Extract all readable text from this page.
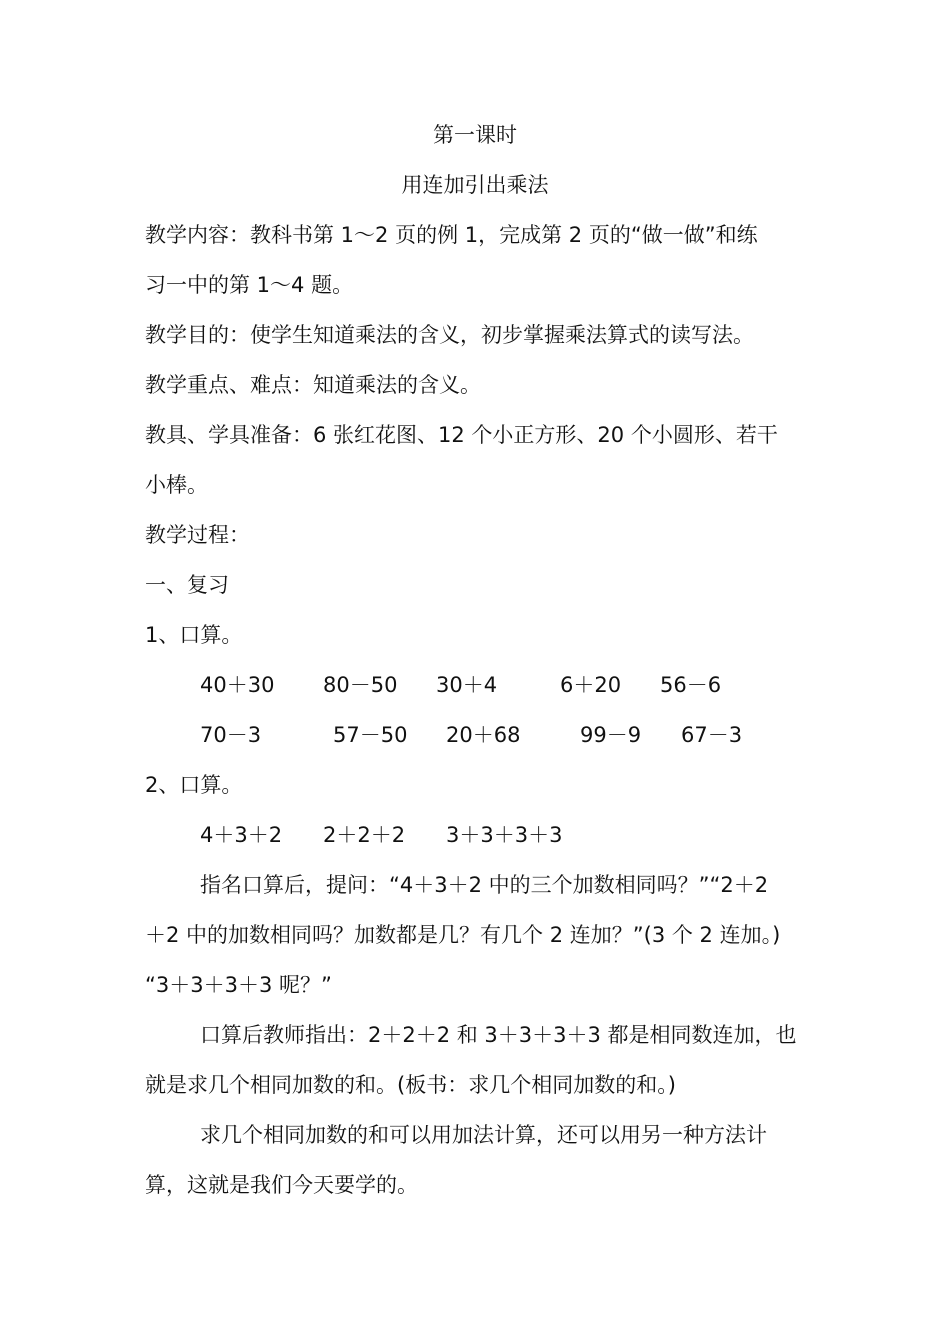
第一课时
用连加引出乘法
教学内容：教科书第 1～2 页的例 1，完成第 2 页的“做一做”和练
习一中的第 1～4 题。
教学目的：使学生知道乘法的含义，初步掌握乘法算式的读写法。
教学重点、难点：知道乘法的含义。
教具、学具准备：6 张红花图、12 个小正方形、20 个小圆形、若干
小棒。
教学过程：
一、复习
1、口算。
40＋30 80－50 30＋4	6＋20 56－6
70－3	57－50 20＋68	99－9 67－3
2、口算。
4＋3＋2 2＋2＋2 3＋3＋3＋3
指名口算后，提问：“4＋3＋2 中的三个加数相同吗？”“2＋2
＋2 中的加数相同吗？加数都是几？有几个 2 连加？”(3 个 2 连加。)
“3＋3＋3＋3 呢？”
口算后教师指出：2＋2＋2 和 3＋3＋3＋3 都是相同数连加，也
就是求几个相同加数的和。(板书：求几个相同加数的和。)
求几个相同加数的和可以用加法计算，还可以用另一种方法计
算，这就是我们今天要学的。
